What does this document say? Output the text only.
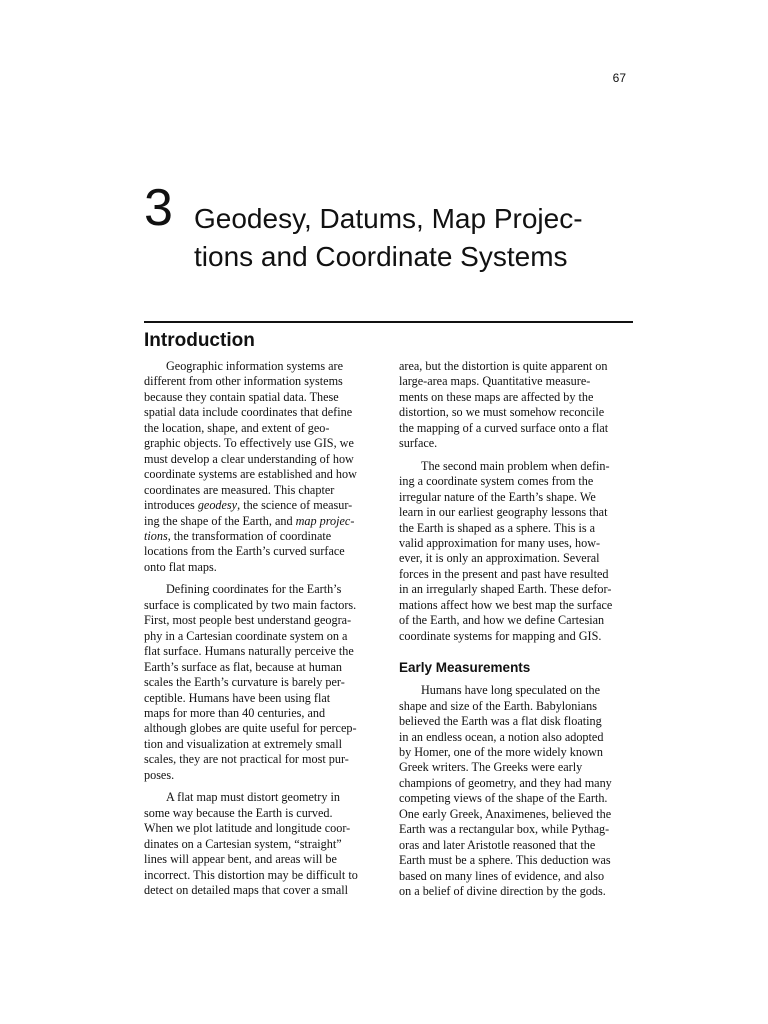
67
3 Geodesy, Datums, Map Projec-
tions and Coordinate Systems
Introduction
Geographic information systems are
different from other information systems
because they contain spatial data. These
spatial data include coordinates that define
the location, shape, and extent of geo-
graphic objects. To effectively use GIS, we
must develop a clear understanding of how
coordinate systems are established and how
coordinates are measured. This chapter
introduces geodesy, the science of measur-
ing the shape of the Earth, and map projec-
tions, the transformation of coordinate
locations from the Earth’s curved surface
onto flat maps.
Defining coordinates for the Earth’s
surface is complicated by two main factors.
First, most people best understand geogra-
phy in a Cartesian coordinate system on a
flat surface. Humans naturally perceive the
Earth’s surface as flat, because at human
scales the Earth’s curvature is barely per-
ceptible. Humans have been using flat
maps for more than 40 centuries, and
although globes are quite useful for percep-
tion and visualization at extremely small
scales, they are not practical for most pur-
poses.
A flat map must distort geometry in
some way because the Earth is curved.
When we plot latitude and longitude coor-
dinates on a Cartesian system, “straight”
lines will appear bent, and areas will be
incorrect. This distortion may be difficult to
detect on detailed maps that cover a small
area, but the distortion is quite apparent on
large-area maps. Quantitative measure-
ments on these maps are affected by the
distortion, so we must somehow reconcile
the mapping of a curved surface onto a flat
surface.
The second main problem when defin-
ing a coordinate system comes from the
irregular nature of the Earth’s shape. We
learn in our earliest geography lessons that
the Earth is shaped as a sphere. This is a
valid approximation for many uses, how-
ever, it is only an approximation. Several
forces in the present and past have resulted
in an irregularly shaped Earth. These defor-
mations affect how we best map the surface
of the Earth, and how we define Cartesian
coordinate systems for mapping and GIS.
Early Measurements
Humans have long speculated on the
shape and size of the Earth. Babylonians
believed the Earth was a flat disk floating
in an endless ocean, a notion also adopted
by Homer, one of the more widely known
Greek writers. The Greeks were early
champions of geometry, and they had many
competing views of the shape of the Earth.
One early Greek, Anaximenes, believed the
Earth was a rectangular box, while Pythag-
oras and later Aristotle reasoned that the
Earth must be a sphere. This deduction was
based on many lines of evidence, and also
on a belief of divine direction by the gods.
